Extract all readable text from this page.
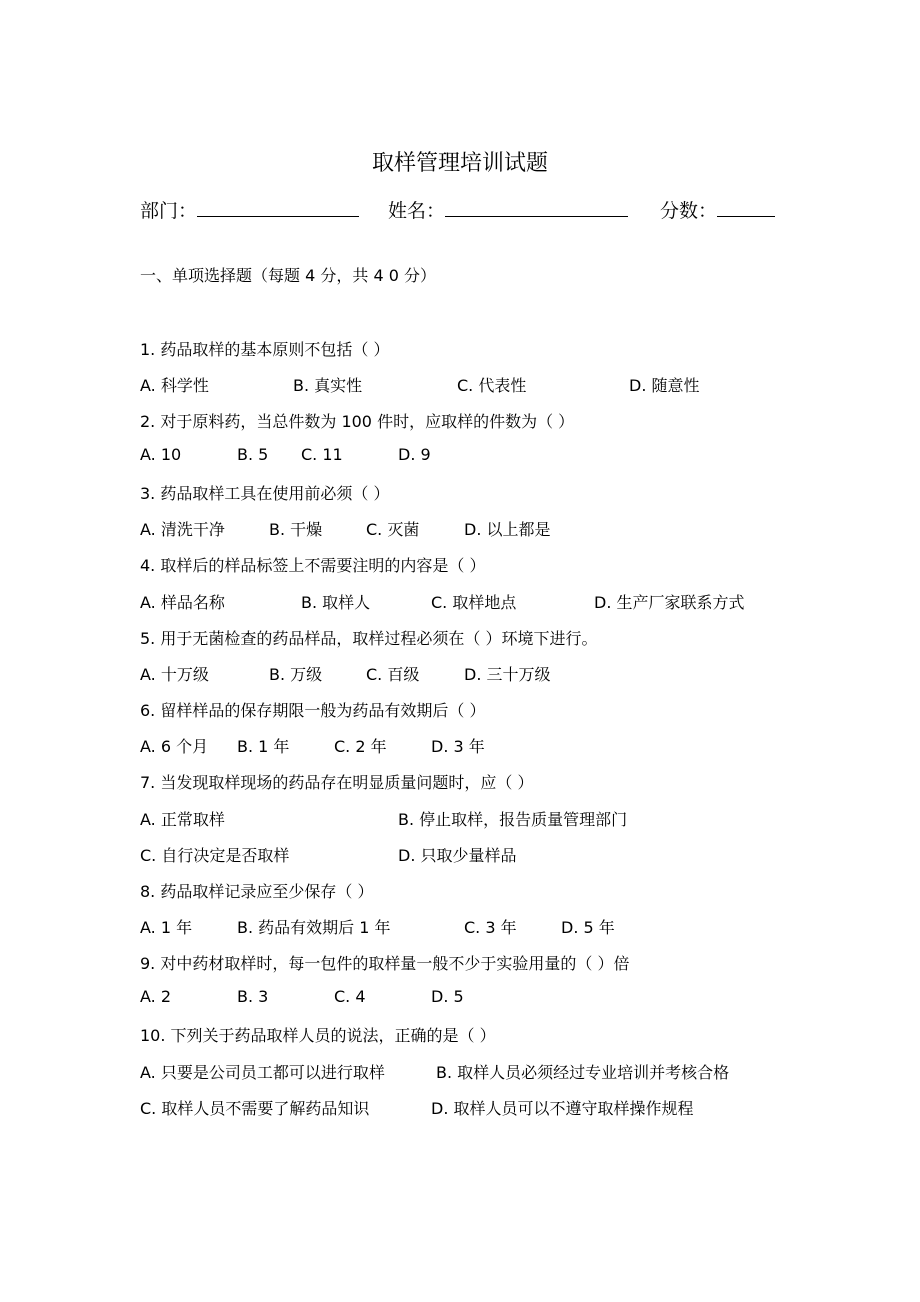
取样管理培训试题
部门：	姓名：	分数：
一、单项选择题（每题 4 分，共 4 0 分）
1. 药品取样的基本原则不包括（ ）
A. 科学性	B. 真实性	C. 代表性	D. 随意性
2. 对于原料药，当总件数为 100 件时，应取样的件数为（ ）
A. 10	B. 5 C. 11	D. 9
3. 药品取样工具在使用前必须（ ）
A. 清洗干净	B. 干燥	C. 灭菌	D. 以上都是
4. 取样后的样品标签上不需要注明的内容是（ ）
A. 样品名称	B. 取样人	C. 取样地点	D. 生产厂家联系方式
5. 用于无菌检查的药品样品，取样过程必须在（ ）环境下进行。
A. 十万级	B. 万级	C. 百级	D. 三十万级
6. 留样样品的保存期限一般为药品有效期后（ ）
A. 6 个月 B. 1 年	C. 2 年	D. 3 年
7. 当发现取样现场的药品存在明显质量问题时，应（ ）
A. 正常取样	B. 停止取样，报告质量管理部门
C. 自行决定是否取样	D. 只取少量样品
8. 药品取样记录应至少保存（ ）
A. 1 年	B. 药品有效期后 1 年	C. 3 年	D. 5 年
9. 对中药材取样时，每一包件的取样量一般不少于实验用量的（ ）倍
A. 2	B. 3	C. 4	D. 5
10. 下列关于药品取样人员的说法，正确的是（ ）
A. 只要是公司员工都可以进行取样	B. 取样人员必须经过专业培训并考核合格
C. 取样人员不需要了解药品知识	D. 取样人员可以不遵守取样操作规程
